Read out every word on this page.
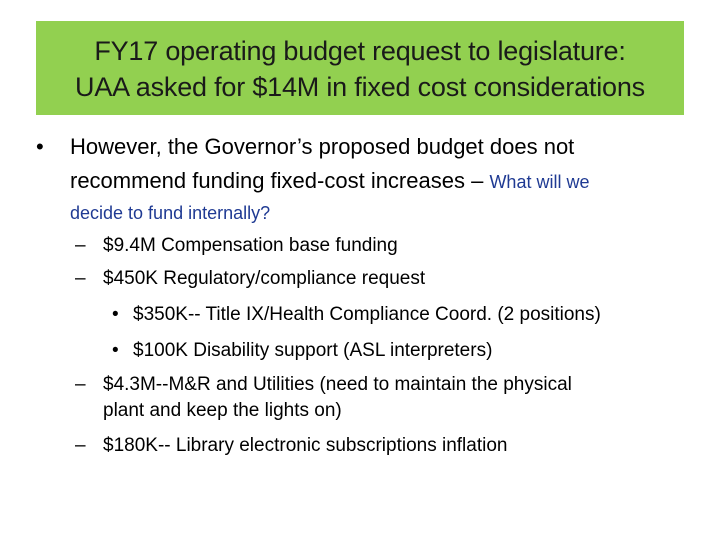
FY17 operating budget request to legislature:
UAA asked for $14M in fixed cost considerations
• However, the Governor’s proposed budget does not
recommend funding fixed-cost increases – What will we
decide to fund internally?
– $9.4M Compensation base funding
– $450K Regulatory/compliance request
• $350K-- Title IX/Health Compliance Coord. (2 positions)
• $100K Disability support (ASL interpreters)
– $4.3M--M&R and Utilities (need to maintain the physical
plant and keep the lights on)
– $180K-- Library electronic subscriptions inflation
